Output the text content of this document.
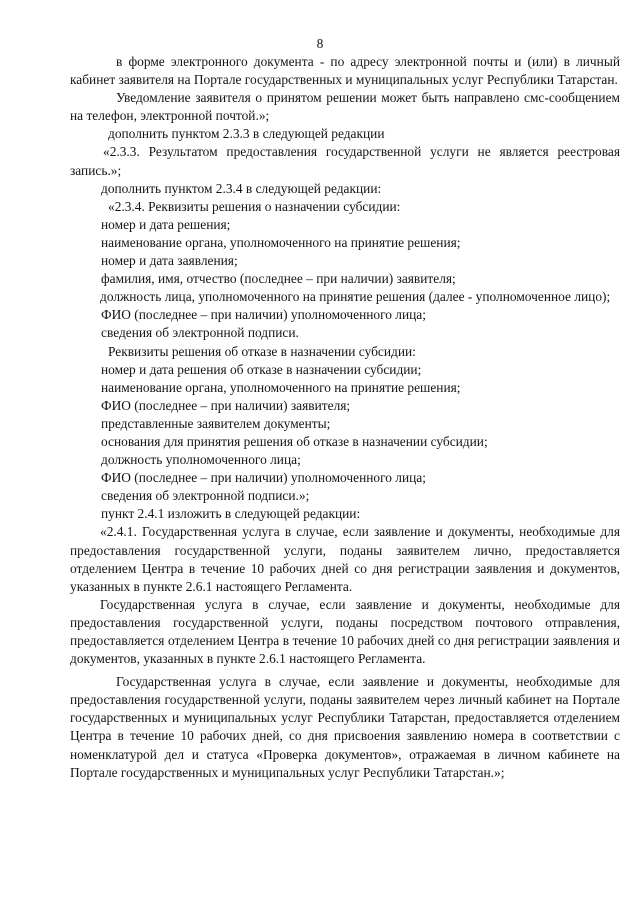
8

в форме электронного документа - по адресу электронной почты и (или) в личный кабинет заявителя на Портале государственных и муниципальных услуг Республики Татарстан.

Уведомление заявителя о принятом решении может быть направлено смс-сообщением на телефон, электронной почтой.»;

дополнить пунктом 2.3.3 в следующей редакции

«2.3.3. Результатом предоставления государственной услуги не является реестровая запись.»;

дополнить пунктом 2.3.4 в следующей редакции:

«2.3.4. Реквизиты решения о назначении субсидии:

номер и дата решения;

наименование органа, уполномоченного на принятие решения;

номер и дата заявления;

фамилия, имя, отчество (последнее – при наличии) заявителя;

должность лица, уполномоченного на принятие решения (далее - уполномоченное лицо);

ФИО (последнее – при наличии) уполномоченного лица;

сведения об электронной подписи.

Реквизиты решения об отказе в назначении субсидии:

номер и дата решения об отказе в назначении субсидии;

наименование органа, уполномоченного на принятие решения;

ФИО (последнее – при наличии) заявителя;

представленные заявителем документы;

основания для принятия решения об отказе в назначении субсидии;

должность уполномоченного лица;

ФИО (последнее – при наличии) уполномоченного лица;

сведения об электронной подписи.»;

пункт 2.4.1 изложить в следующей редакции:

«2.4.1. Государственная услуга в случае, если заявление и документы, необходимые для предоставления государственной услуги, поданы заявителем лично, предоставляется отделением Центра в течение 10 рабочих дней со дня регистрации заявления и документов, указанных в пункте 2.6.1 настоящего Регламента.

Государственная услуга в случае, если заявление и документы, необходимые для предоставления государственной услуги, поданы посредством почтового отправления, предоставляется отделением Центра в течение 10 рабочих дней со дня регистрации заявления и документов, указанных в пункте 2.6.1 настоящего Регламента.

Государственная услуга в случае, если заявление и документы, необходимые для предоставления государственной услуги, поданы заявителем через личный кабинет на Портале государственных и муниципальных услуг Республики Татарстан, предоставляется отделением Центра в течение 10 рабочих дней, со дня присвоения заявлению номера в соответствии с номенклатурой дел и статуса «Проверка документов», отражаемая в личном кабинете на Портале государственных и муниципальных услуг Республики Татарстан.»;
